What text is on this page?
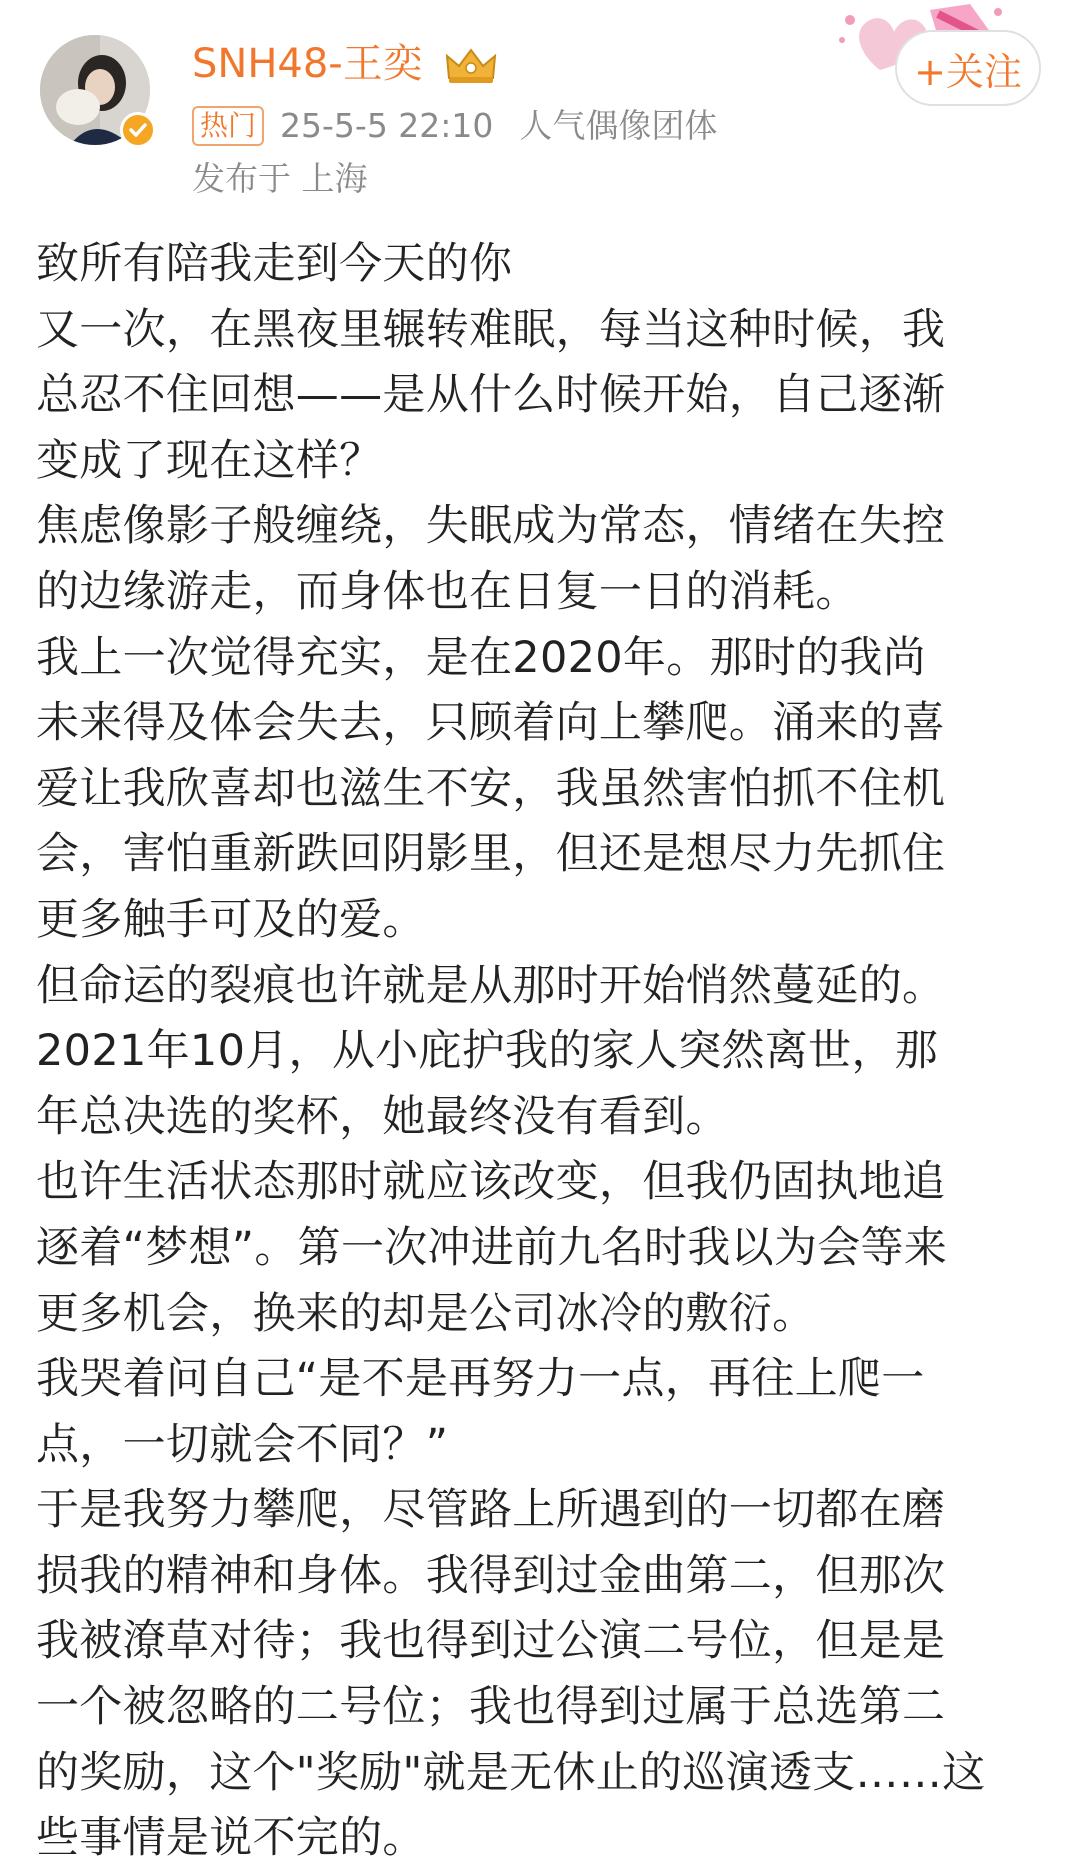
SNH48-王奕
热门 25-5-5 22:10 人气偶像团体
发布于 上海
+关注
致所有陪我走到今天的你
又一次，在黑夜里辗转难眠，每当这种时候，我
总忍不住回想——是从什么时候开始，自己逐渐
变成了现在这样？
焦虑像影子般缠绕，失眠成为常态，情绪在失控
的边缘游走，而身体也在日复一日的消耗。
我上一次觉得充实，是在2020年。那时的我尚
未来得及体会失去，只顾着向上攀爬。涌来的喜
爱让我欣喜却也滋生不安，我虽然害怕抓不住机
会，害怕重新跌回阴影里，但还是想尽力先抓住
更多触手可及的爱。
但命运的裂痕也许就是从那时开始悄然蔓延的。
2021年10月，从小庇护我的家人突然离世，那
年总决选的奖杯，她最终没有看到。
也许生活状态那时就应该改变，但我仍固执地追
逐着“梦想”。第一次冲进前九名时我以为会等来
更多机会，换来的却是公司冰冷的敷衍。
我哭着问自己“是不是再努力一点，再往上爬一
点，一切就会不同？”
于是我努力攀爬，尽管路上所遇到的一切都在磨
损我的精神和身体。我得到过金曲第二，但那次
我被潦草对待；我也得到过公演二号位，但是是
一个被忽略的二号位；我也得到过属于总选第二
的奖励，这个"奖励"就是无休止的巡演透支……这
些事情是说不完的。
